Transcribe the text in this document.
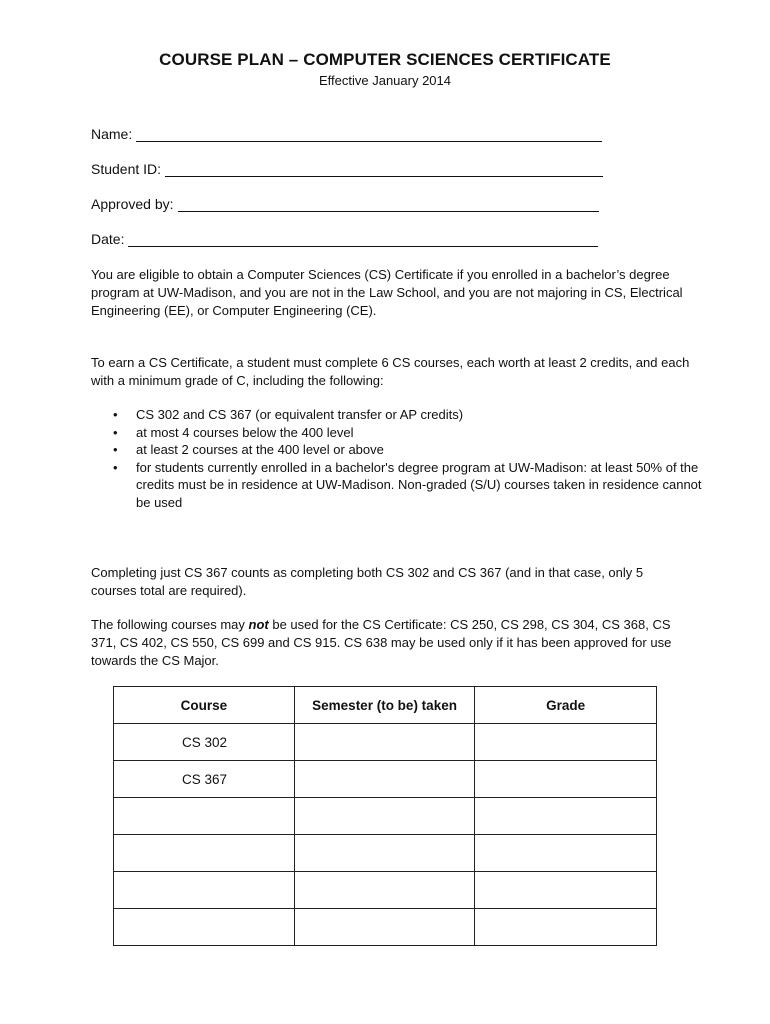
COURSE PLAN – COMPUTER SCIENCES CERTIFICATE
Effective January 2014
Name:
Student ID:
Approved by:
Date:
You are eligible to obtain a Computer Sciences (CS) Certificate if you enrolled in a bachelor’s degree program at UW-Madison, and you are not in the Law School, and you are not majoring in CS, Electrical Engineering (EE), or Computer Engineering (CE).
To earn a CS Certificate, a student must complete 6 CS courses, each worth at least 2 credits, and each with a minimum grade of C, including the following:
• CS 302 and CS 367 (or equivalent transfer or AP credits)
• at most 4 courses below the 400 level
• at least 2 courses at the 400 level or above
• for students currently enrolled in a bachelor's degree program at UW-Madison: at least 50% of the credits must be in residence at UW-Madison. Non-graded (S/U) courses taken in residence cannot be used
Completing just CS 367 counts as completing both CS 302 and CS 367 (and in that case, only 5 courses total are required).
The following courses may not be used for the CS Certificate: CS 250, CS 298, CS 304, CS 368, CS 371, CS 402, CS 550, CS 699 and CS 915. CS 638 may be used only if it has been approved for use towards the CS Major.
Course	Semester (to be) taken	Grade
CS 302		
CS 367		
